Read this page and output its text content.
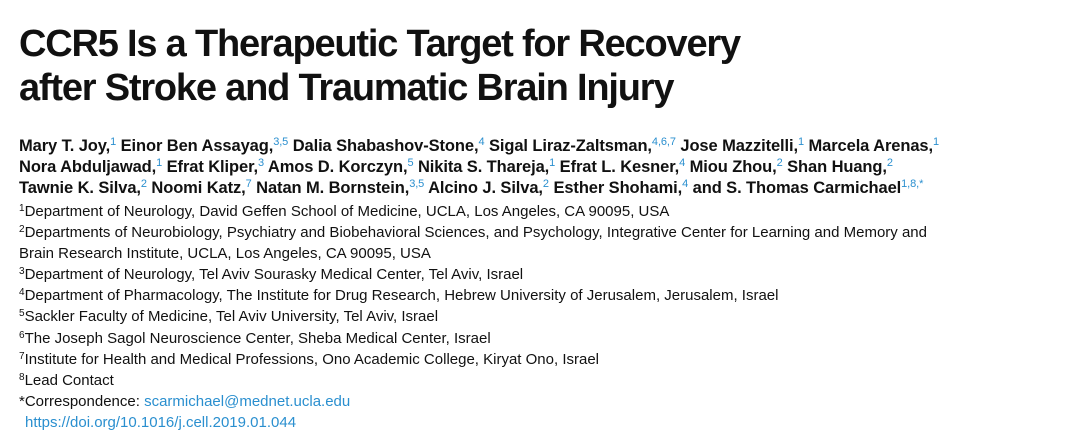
CCR5 Is a Therapeutic Target for Recovery
after Stroke and Traumatic Brain Injury
Mary T. Joy,$^1$ Einor Ben Assayag,$^{3,5}$ Dalia Shabashov-Stone,$^4$ Sigal Liraz-Zaltsman,$^{4,6,7}$ Jose Mazzitelli,$^1$ Marcela Arenas,$^1$
Nora Abduljawad,$^1$ Efrat Kliper,$^3$ Amos D. Korczyn,$^5$ Nikita S. Thareja,$^1$ Efrat L. Kesner,$^4$ Miou Zhou,$^2$ Shan Huang,$^2$
Tawnie K. Silva,$^2$ Noomi Katz,$^7$ Natan M. Bornstein,$^{3,5}$ Alcino J. Silva,$^2$ Esther Shohami,$^4$ and S. Thomas Carmichael$^{1,8,*}$
$^1$Department of Neurology, David Geffen School of Medicine, UCLA, Los Angeles, CA 90095, USA
$^2$Departments of Neurobiology, Psychiatry and Biobehavioral Sciences, and Psychology, Integrative Center for Learning and Memory and
Brain Research Institute, UCLA, Los Angeles, CA 90095, USA
$^3$Department of Neurology, Tel Aviv Sourasky Medical Center, Tel Aviv, Israel
$^4$Department of Pharmacology, The Institute for Drug Research, Hebrew University of Jerusalem, Jerusalem, Israel
$^5$Sackler Faculty of Medicine, Tel Aviv University, Tel Aviv, Israel
$^6$The Joseph Sagol Neuroscience Center, Sheba Medical Center, Israel
$^7$Institute for Health and Medical Professions, Ono Academic College, Kiryat Ono, Israel
$^8$Lead Contact
*Correspondence: scarmichael@mednet.ucla.edu
https://doi.org/10.1016/j.cell.2019.01.044
